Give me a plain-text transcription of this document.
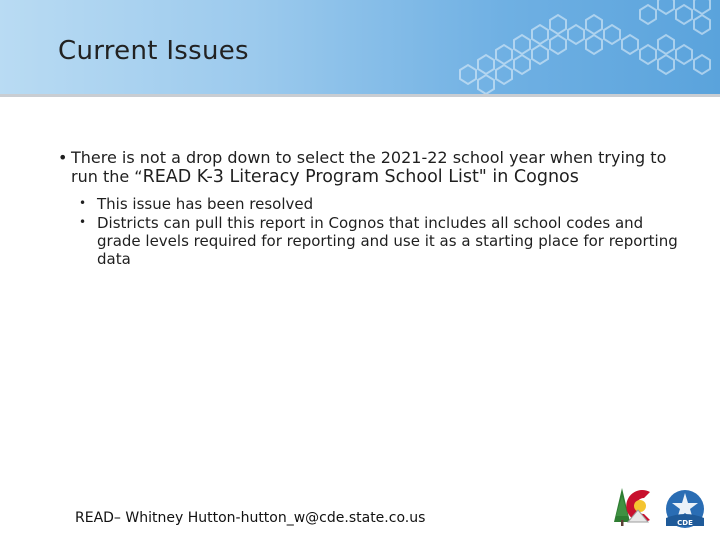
Current Issues
• There is not a drop down to select the 2021-22 school year when trying to run the “READ K-3 Literacy Program School List" in Cognos
• This issue has been resolved
• Districts can pull this report in Cognos that includes all school codes and grade levels required for reporting and use it as a starting place for reporting data
READ– Whitney Hutton-hutton_w@cde.state.co.us	CDE
